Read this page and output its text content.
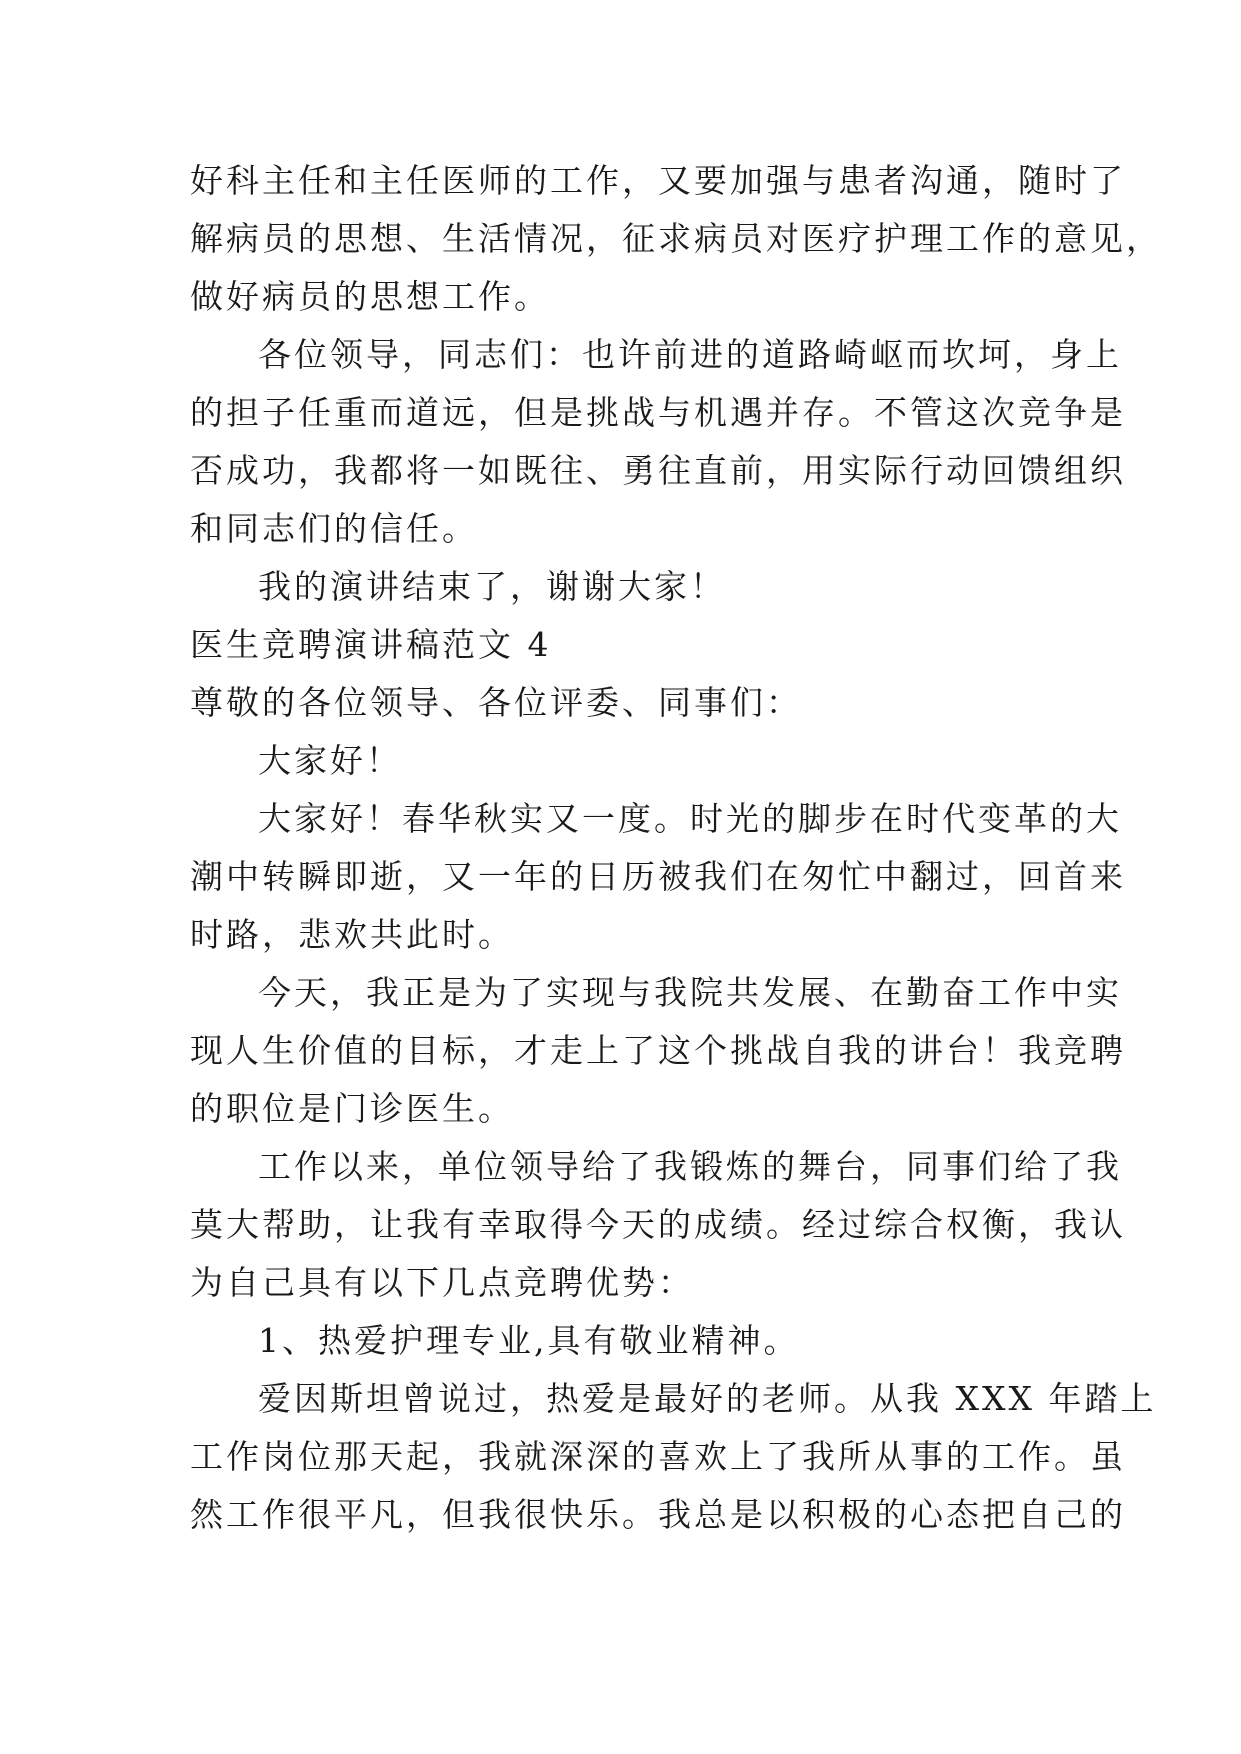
好科主任和主任医师的工作，又要加强与患者沟通，随时了
解病员的思想、生活情况，征求病员对医疗护理工作的意见，
做好病员的思想工作。
各位领导，同志们：也许前进的道路崎岖而坎坷，身上
的担子任重而道远，但是挑战与机遇并存。不管这次竞争是
否成功，我都将一如既往、勇往直前，用实际行动回馈组织
和同志们的信任。
我的演讲结束了，谢谢大家！
医生竞聘演讲稿范文 4
尊敬的各位领导、各位评委、同事们：
大家好！
大家好！春华秋实又一度。时光的脚步在时代变革的大
潮中转瞬即逝，又一年的日历被我们在匆忙中翻过，回首来
时路，悲欢共此时。
今天，我正是为了实现与我院共发展、在勤奋工作中实
现人生价值的目标，才走上了这个挑战自我的讲台！我竞聘
的职位是门诊医生。
工作以来，单位领导给了我锻炼的舞台，同事们给了我
莫大帮助，让我有幸取得今天的成绩。经过综合权衡，我认
为自己具有以下几点竞聘优势：
1、热爱护理专业,具有敬业精神。
爱因斯坦曾说过，热爱是最好的老师。从我 XXX 年踏上
工作岗位那天起，我就深深的喜欢上了我所从事的工作。虽
然工作很平凡，但我很快乐。我总是以积极的心态把自己的
